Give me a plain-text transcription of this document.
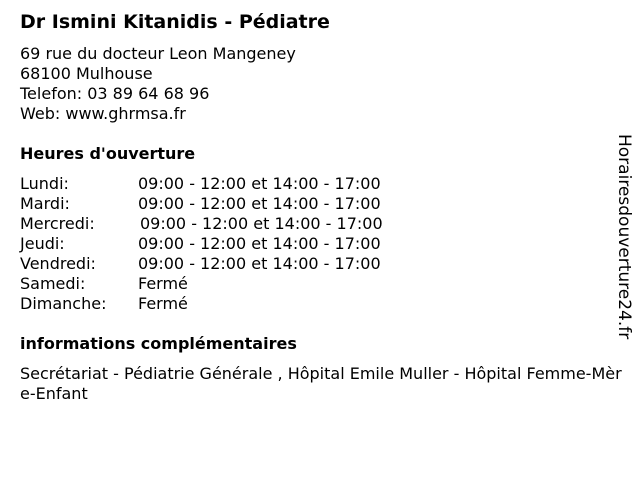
Dr Ismini Kitanidis - Pédiatre
69 rue du docteur Leon Mangeney
68100 Mulhouse
Telefon: 03 89 64 68 96
Web: www.ghrmsa.fr
Heures d'ouverture
Lundi:	09:00 - 12:00 et 14:00 - 17:00
Mardi:	09:00 - 12:00 et 14:00 - 17:00
Mercredi:	09:00 - 12:00 et 14:00 - 17:00
Jeudi:	09:00 - 12:00 et 14:00 - 17:00
Vendredi:	09:00 - 12:00 et 14:00 - 17:00
Samedi:	Fermé
Dimanche: Fermé
informations complémentaires
Secrétariat - Pédiatrie Générale , Hôpital Emile Muller - Hôpital Femme-Mère-Enfant
Horairesdouverture24.fr
